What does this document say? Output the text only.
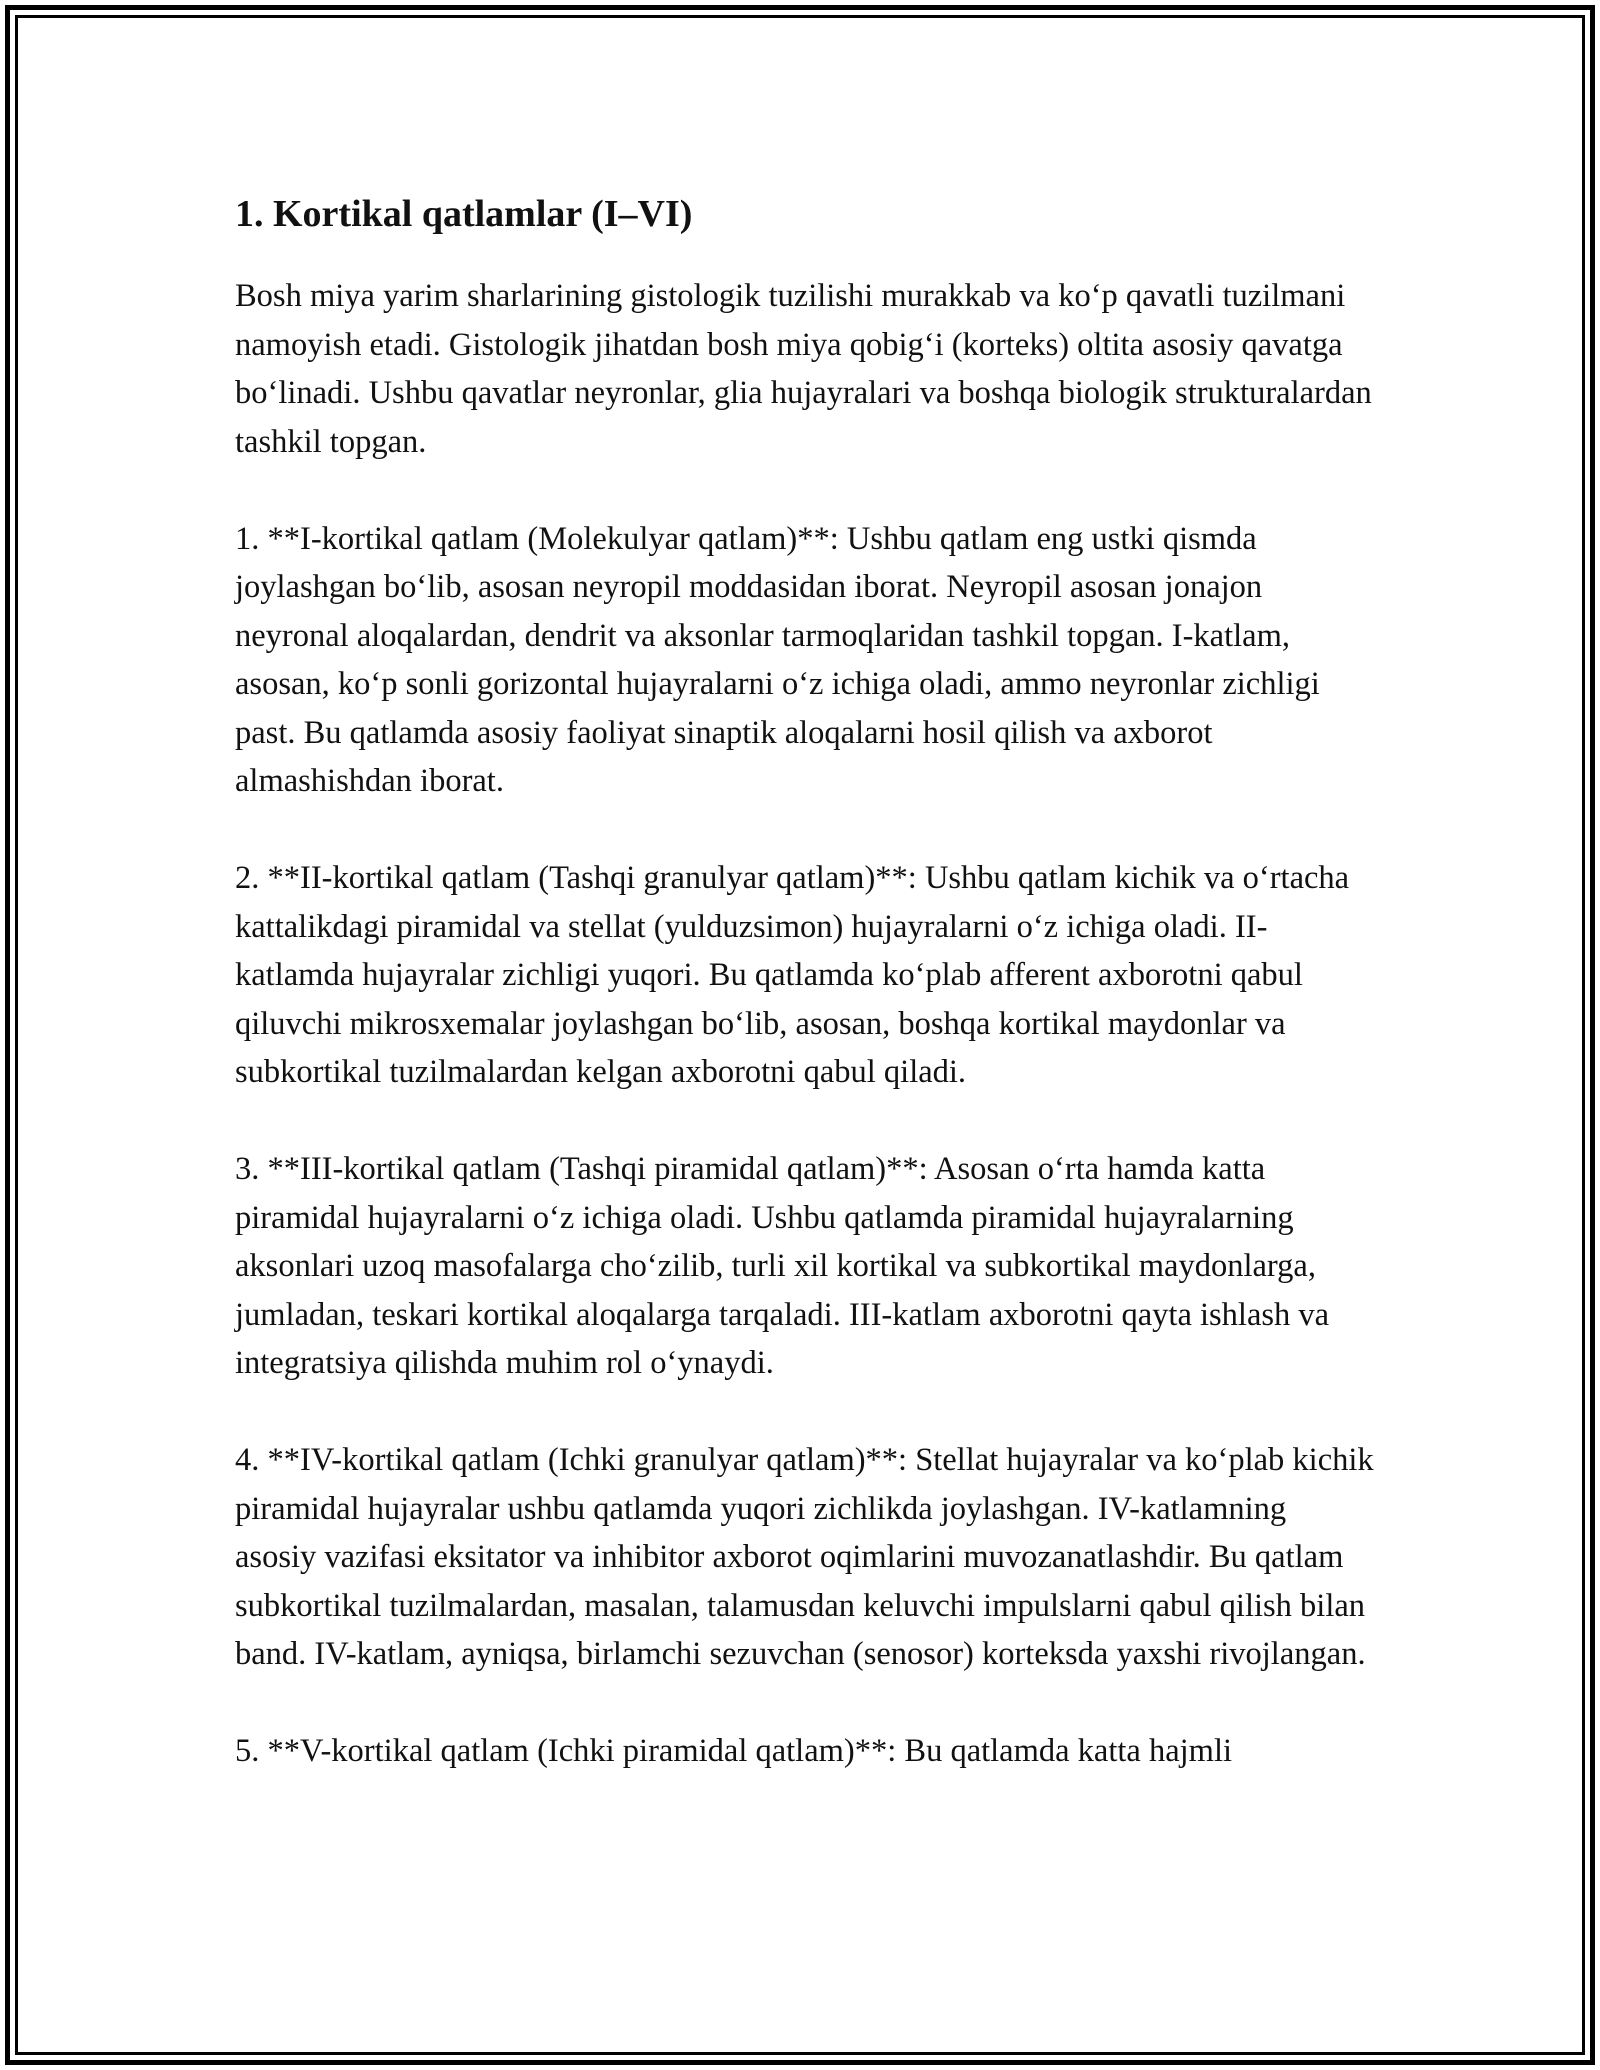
1. Kortikal qatlamlar (I–VI)

Bosh miya yarim sharlarining gistologik tuzilishi murakkab va ko‘p qavatli tuzilmani namoyish etadi. Gistologik jihatdan bosh miya qobig‘i (korteks) oltita asosiy qavatga bo‘linadi. Ushbu qavatlar neyronlar, glia hujayralari va boshqa biologik strukturalardan tashkil topgan.

1. **I-kortikal qatlam (Molekulyar qatlam)**: Ushbu qatlam eng ustki qismda joylashgan bo‘lib, asosan neyropil moddasidan iborat. Neyropil asosan jonajon neyronal aloqalardan, dendrit va aksonlar tarmoqlaridan tashkil topgan. I-katlam, asosan, ko‘p sonli gorizontal hujayralarni o‘z ichiga oladi, ammo neyronlar zichligi past. Bu qatlamda asosiy faoliyat sinaptik aloqalarni hosil qilish va axborot almashishdan iborat.

2. **II-kortikal qatlam (Tashqi granulyar qatlam)**: Ushbu qatlam kichik va o‘rtacha kattalikdagi piramidal va stellat (yulduzsimon) hujayralarni o‘z ichiga oladi. II-katlamda hujayralar zichligi yuqori. Bu qatlamda ko‘plab afferent axborotni qabul qiluvchi mikrosxemalar joylashgan bo‘lib, asosan, boshqa kortikal maydonlar va subkortikal tuzilmalardan kelgan axborotni qabul qiladi.

3. **III-kortikal qatlam (Tashqi piramidal qatlam)**: Asosan o‘rta hamda katta piramidal hujayralarni o‘z ichiga oladi. Ushbu qatlamda piramidal hujayralarning aksonlari uzoq masofalarga cho‘zilib, turli xil kortikal va subkortikal maydonlarga, jumladan, teskari kortikal aloqalarga tarqaladi. III-katlam axborotni qayta ishlash va integratsiya qilishda muhim rol o‘ynaydi.

4. **IV-kortikal qatlam (Ichki granulyar qatlam)**: Stellat hujayralar va ko‘plab kichik piramidal hujayralar ushbu qatlamda yuqori zichlikda joylashgan. IV-katlamning asosiy vazifasi eksitator va inhibitor axborot oqimlarini muvozanatlashdir. Bu qatlam subkortikal tuzilmalardan, masalan, talamusdan keluvchi impulslarni qabul qilish bilan band. IV-katlam, ayniqsa, birlamchi sezuvchan (senosor) korteksda yaxshi rivojlangan.

5. **V-kortikal qatlam (Ichki piramidal qatlam)**: Bu qatlamda katta hajmli
